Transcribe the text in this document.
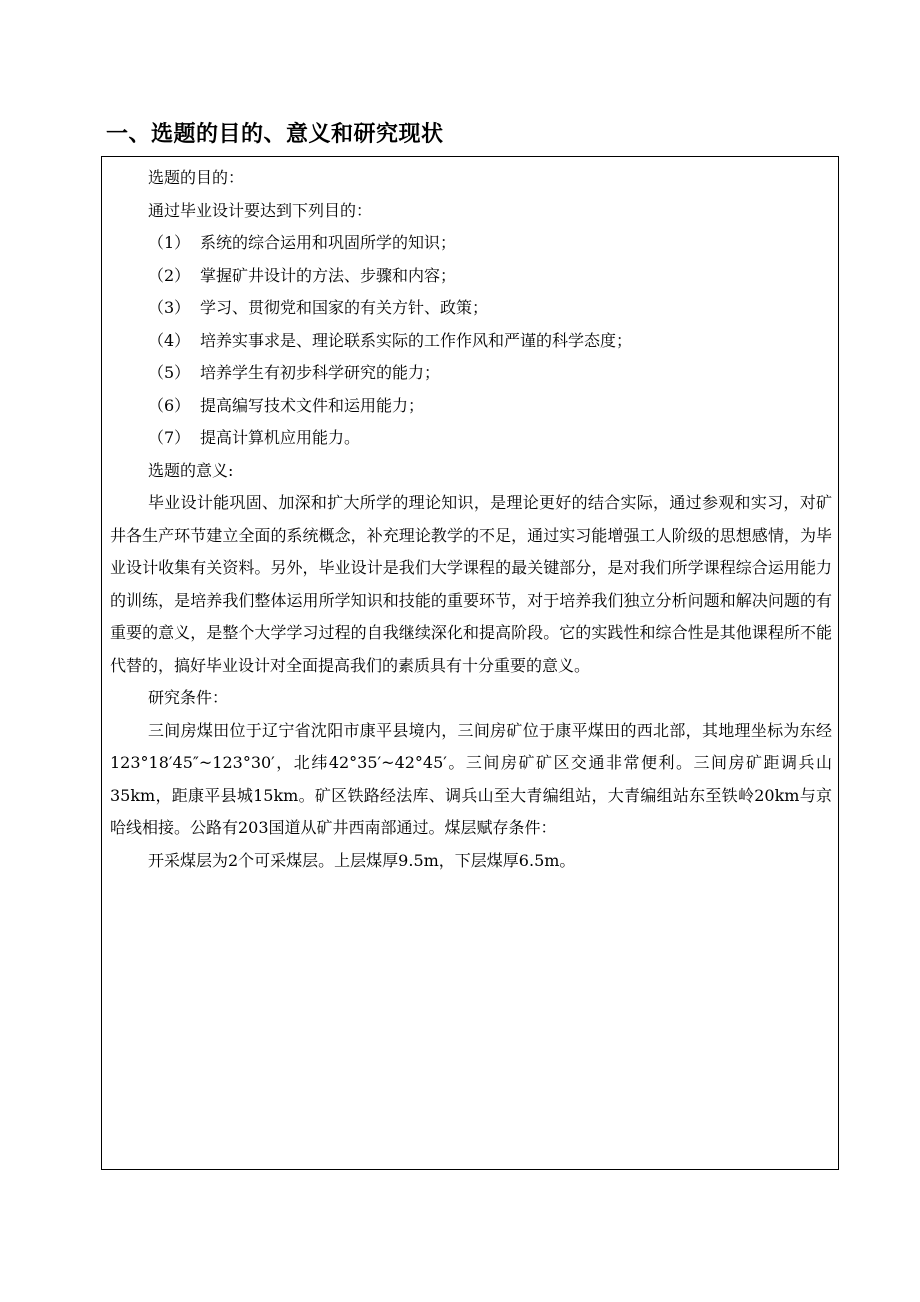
一、选题的目的、意义和研究现状

选题的目的：

通过毕业设计要达到下列目的：

（1） 系统的综合运用和巩固所学的知识；

（2） 掌握矿井设计的方法、步骤和内容；

（3） 学习、贯彻党和国家的有关方针、政策；

（4） 培养实事求是、理论联系实际的工作作风和严谨的科学态度；

（5） 培养学生有初步科学研究的能力；

（6） 提高编写技术文件和运用能力；

（7） 提高计算机应用能力。

选题的意义:

毕业设计能巩固、加深和扩大所学的理论知识，是理论更好的结合实际，通过参观和实习，对矿井各生产环节建立全面的系统概念，补充理论教学的不足，通过实习能增强工人阶级的思想感情，为毕业设计收集有关资料。另外，毕业设计是我们大学课程的最关键部分，是对我们所学课程综合运用能力的训练，是培养我们整体运用所学知识和技能的重要环节，对于培养我们独立分析问题和解决问题的有重要的意义，是整个大学学习过程的自我继续深化和提高阶段。它的实践性和综合性是其他课程所不能代替的，搞好毕业设计对全面提高我们的素质具有十分重要的意义。

研究条件：

三间房煤田位于辽宁省沈阳市康平县境内，三间房矿位于康平煤田的西北部，其地理坐标为东经123°18′45″~123°30′，北纬42°35′~42°45′。三间房矿矿区交通非常便利。三间房矿距调兵山35km，距康平县城15km。矿区铁路经法库、调兵山至大青编组站，大青编组站东至铁岭20km与京哈线相接。公路有203国道从矿井西南部通过。煤层赋存条件：

开采煤层为2个可采煤层。上层煤厚9.5m，下层煤厚6.5m。
